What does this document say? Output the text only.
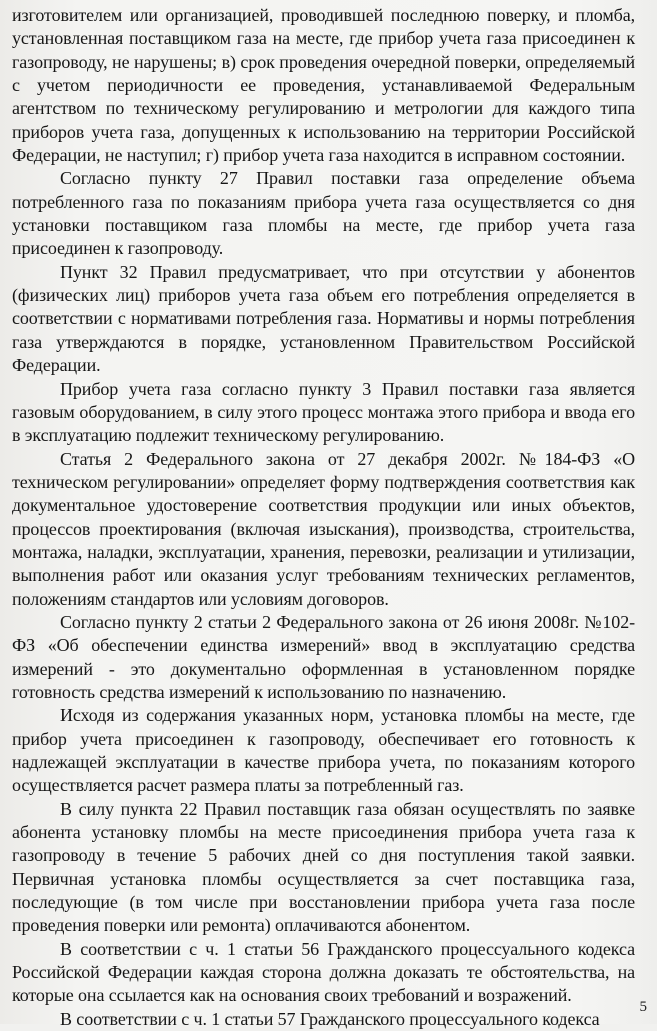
изготовителем или организацией, проводившей последнюю поверку, и пломба, установленная поставщиком газа на месте, где прибор учета газа присоединен к газопроводу, не нарушены; в) срок проведения очередной поверки, определяемый с учетом периодичности ее проведения, устанавливаемой Федеральным агентством по техническому регулированию и метрологии для каждого типа приборов учета газа, допущенных к использованию на территории Российской Федерации, не наступил; г) прибор учета газа находится в исправном состоянии.

Согласно пункту 27 Правил поставки газа определение объема потребленного газа по показаниям прибора учета газа осуществляется со дня установки поставщиком газа пломбы на месте, где прибор учета газа присоединен к газопроводу.

Пункт 32 Правил предусматривает, что при отсутствии у абонентов (физических лиц) приборов учета газа объем его потребления определяется в соответствии с нормативами потребления газа. Нормативы и нормы потребления газа утверждаются в порядке, установленном Правительством Российской Федерации.

Прибор учета газа согласно пункту 3 Правил поставки газа является газовым оборудованием, в силу этого процесс монтажа этого прибора и ввода его в эксплуатацию подлежит техническому регулированию.

Статья 2 Федерального закона от 27 декабря 2002г. №184-ФЗ «О техническом регулировании» определяет форму подтверждения соответствия как документальное удостоверение соответствия продукции или иных объектов, процессов проектирования (включая изыскания), производства, строительства, монтажа, наладки, эксплуатации, хранения, перевозки, реализации и утилизации, выполнения работ или оказания услуг требованиям технических регламентов, положениям стандартов или условиям договоров.

Согласно пункту 2 статьи 2 Федерального закона от 26 июня 2008г. №102-ФЗ «Об обеспечении единства измерений» ввод в эксплуатацию средства измерений - это документально оформленная в установленном порядке готовность средства измерений к использованию по назначению.

Исходя из содержания указанных норм, установка пломбы на месте, где прибор учета присоединен к газопроводу, обеспечивает его готовность к надлежащей эксплуатации в качестве прибора учета, по показаниям которого осуществляется расчет размера платы за потребленный газ.

В силу пункта 22 Правил поставщик газа обязан осуществлять по заявке абонента установку пломбы на месте присоединения прибора учета газа к газопроводу в течение 5 рабочих дней со дня поступления такой заявки. Первичная установка пломбы осуществляется за счет поставщика газа, последующие (в том числе при восстановлении прибора учета газа после проведения поверки или ремонта) оплачиваются абонентом.

В соответствии с ч. 1 статьи 56 Гражданского процессуального кодекса Российской Федерации каждая сторона должна доказать те обстоятельства, на которые она ссылается как на основания своих требований и возражений.

В соответствии с ч. 1 статьи 57 Гражданского процессуального кодекса

5
